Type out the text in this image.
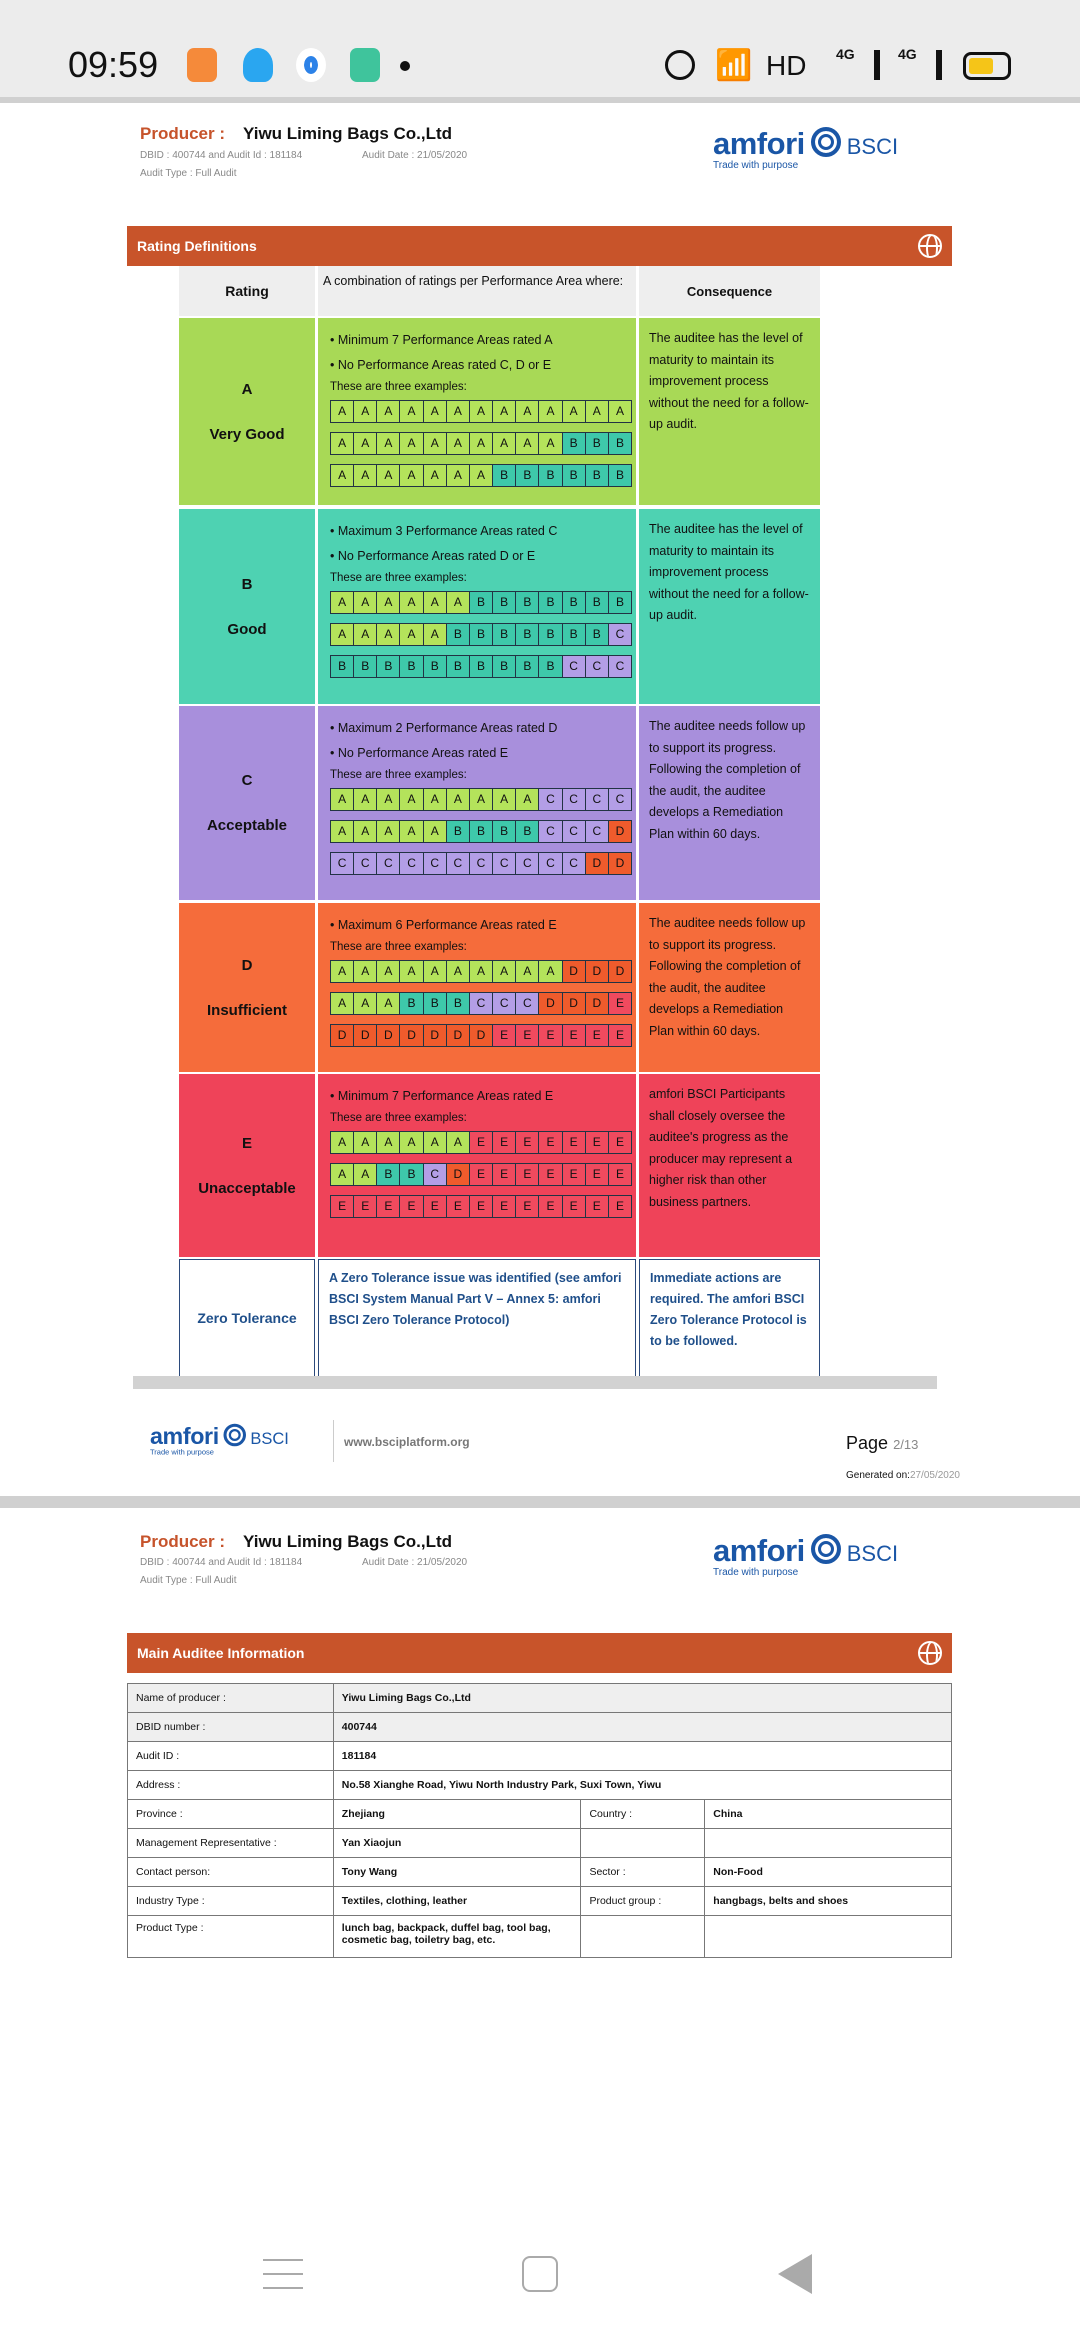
09:59	📶 HD 4G	4G
Producer : Yiwu Liming Bags Co.,Ltd
DBID : 400744 and Audit Id : 181184	Audit Date : 21/05/2020
Audit Type : Full Audit
amfori BSCI
Trade with purpose
Rating Definitions
Rating
A combination of ratings per Performance Area where:
Consequence
A
Very Good
• Minimum 7 Performance Areas rated A
• No Performance Areas rated C, D or E
These are three examples:
A	A	A	A	A	A	A	A	A	A	A	A	A
A	A	A	A	A	A	A	A	A	A	B	B	B
A	A	A	A	A	A	A	B	B	B	B	B	B
The auditee has the level of maturity to maintain its improvement process without the need for a follow-up audit.
B
Good
• Maximum 3 Performance Areas rated C
• No Performance Areas rated D or E
These are three examples:
A	A	A	A	A	A	B	B	B	B	B	B	B
A	A	A	A	A	B	B	B	B	B	B	B	C
B	B	B	B	B	B	B	B	B	B	C	C	C
The auditee has the level of maturity to maintain its improvement process without the need for a follow-up audit.
C
Acceptable
• Maximum 2 Performance Areas rated D
• No Performance Areas rated E
These are three examples:
A	A	A	A	A	A	A	A	A	C	C	C	C
A	A	A	A	A	B	B	B	B	C	C	C	D
C	C	C	C	C	C	C	C	C	C	C	D	D
The auditee needs follow up to support its progress. Following the completion of the audit, the auditee develops a Remediation Plan within 60 days.
D
Insufficient
• Maximum 6 Performance Areas rated E
These are three examples:
A	A	A	A	A	A	A	A	A	A	D	D	D
A	A	A	B	B	B	C	C	C	D	D	D	E
D	D	D	D	D	D	D	E	E	E	E	E	E
The auditee needs follow up to support its progress. Following the completion of the audit, the auditee develops a Remediation Plan within 60 days.
E
Unacceptable
• Minimum 7 Performance Areas rated E
These are three examples:
A	A	A	A	A	A	E	E	E	E	E	E	E
A	A	B	B	C	D	E	E	E	E	E	E	E
E	E	E	E	E	E	E	E	E	E	E	E	E
amfori BSCI Participants shall closely oversee the auditee's progress as the producer may represent a higher risk than other business partners.
Zero Tolerance
A Zero Tolerance issue was identified (see amfori BSCI System Manual Part V – Annex 5: amfori BSCI Zero Tolerance Protocol)
Immediate actions are required. The amfori BSCI Zero Tolerance Protocol is to be followed.
amfori BSCI
Trade with purpose
www.bsciplatform.org	Page 2/13
Generated on:27/05/2020
Producer : Yiwu Liming Bags Co.,Ltd
DBID : 400744 and Audit Id : 181184	Audit Date : 21/05/2020
Audit Type : Full Audit
amfori BSCI
Trade with purpose
Main Auditee Information
Name of producer :	Yiwu Liming Bags Co.,Ltd		
DBID number :	400744		
Audit ID :	181184		
Address :	No.58 Xianghe Road, Yiwu North Industry Park, Suxi Town, Yiwu		
Province :	Zhejiang	Country :	China
Management Representative :	Yan Xiaojun		
Contact person:	Tony Wang	Sector :	Non-Food
Industry Type :	Textiles, clothing, leather	Product group :	hangbags, belts and shoes
Product Type :	lunch bag, backpack, duffel bag, tool bag, cosmetic bag, toiletry bag, etc.		
